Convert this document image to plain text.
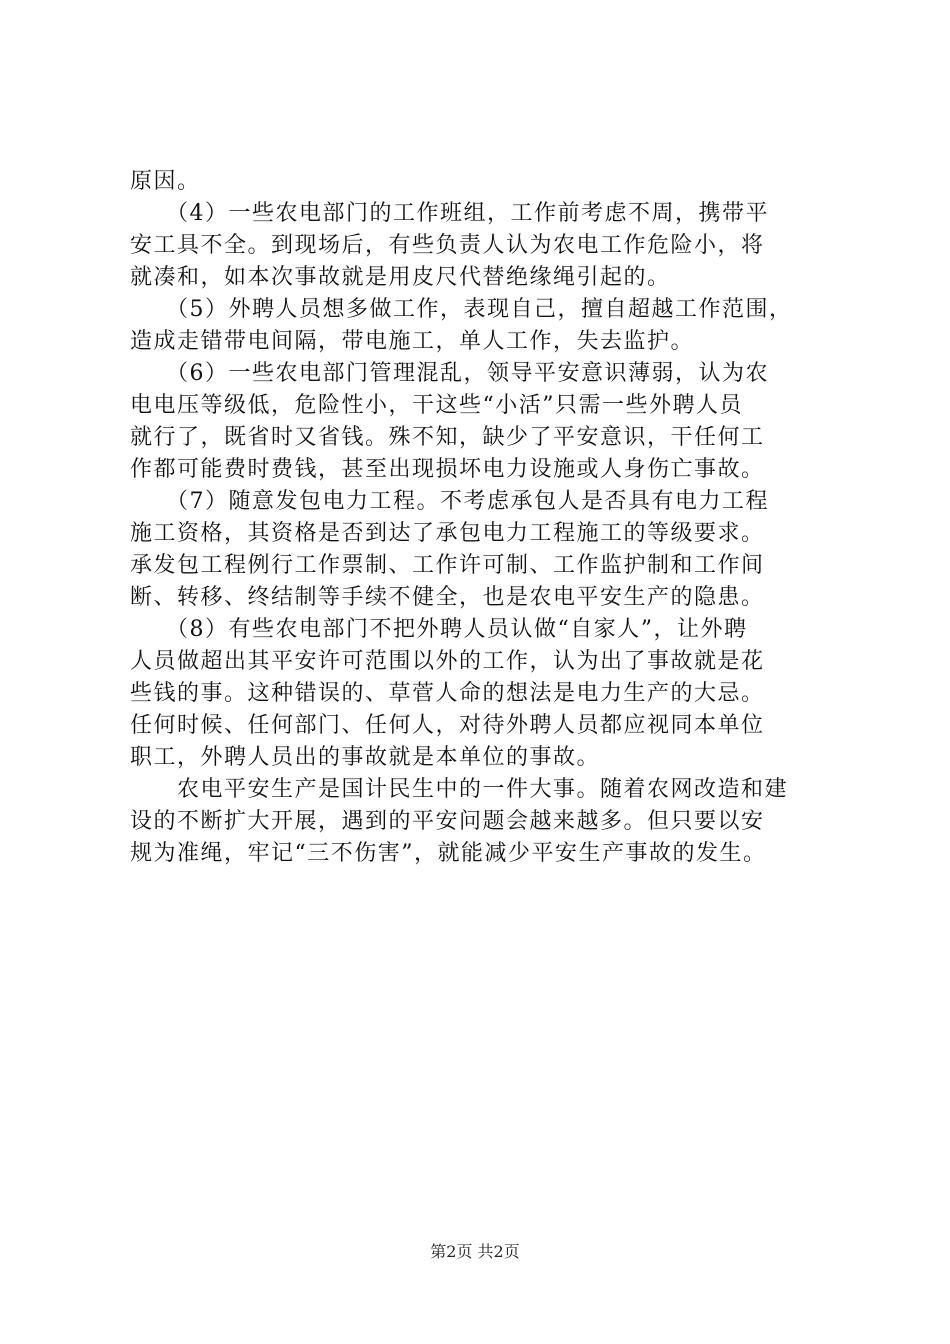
原因。
　　（4）一些农电部门的工作班组，工作前考虑不周，携带平
安工具不全。到现场后，有些负责人认为农电工作危险小，将
就凑和，如本次事故就是用皮尺代替绝缘绳引起的。
　　（5）外聘人员想多做工作，表现自己，擅自超越工作范围，
造成走错带电间隔，带电施工，单人工作，失去监护。
　　（6）一些农电部门管理混乱，领导平安意识薄弱，认为农
电电压等级低，危险性小，干这些“小活”只需一些外聘人员
就行了，既省时又省钱。殊不知，缺少了平安意识，干任何工
作都可能费时费钱，甚至出现损坏电力设施或人身伤亡事故。
　　（7）随意发包电力工程。不考虑承包人是否具有电力工程
施工资格，其资格是否到达了承包电力工程施工的等级要求。
承发包工程例行工作票制、工作许可制、工作监护制和工作间
断、转移、终结制等手续不健全，也是农电平安生产的隐患。
　　（8）有些农电部门不把外聘人员认做“自家人”，让外聘
人员做超出其平安许可范围以外的工作，认为出了事故就是花
些钱的事。这种错误的、草菅人命的想法是电力生产的大忌。
任何时候、任何部门、任何人，对待外聘人员都应视同本单位
职工，外聘人员出的事故就是本单位的事故。
　　农电平安生产是国计民生中的一件大事。随着农网改造和建
设的不断扩大开展，遇到的平安问题会越来越多。但只要以安
规为准绳，牢记“三不伤害”，就能减少平安生产事故的发生。
第2页 共2页
